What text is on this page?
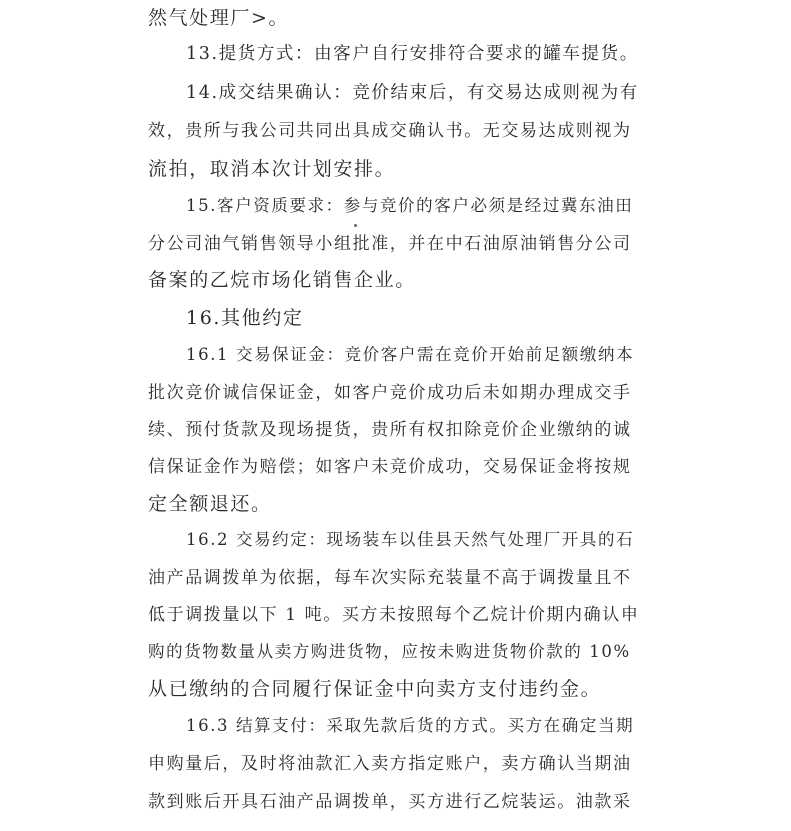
然气处理厂>。
13.提货方式：由客户自行安排符合要求的罐车提货。
14.成交结果确认：竞价结束后，有交易达成则视为有
效，贵所与我公司共同出具成交确认书。无交易达成则视为
流拍，取消本次计划安排。
15.客户资质要求：参与竞价的客户必须是经过冀东油田
分公司油气销售领导小组批准，并在中石油原油销售分公司
备案的乙烷市场化销售企业。
16.其他约定
16.1 交易保证金：竞价客户需在竞价开始前足额缴纳本
批次竞价诚信保证金，如客户竞价成功后未如期办理成交手
续、预付货款及现场提货，贵所有权扣除竞价企业缴纳的诚
信保证金作为赔偿；如客户未竞价成功，交易保证金将按规
定全额退还。
16.2 交易约定：现场装车以佳县天然气处理厂开具的石
油产品调拨单为依据，每车次实际充装量不高于调拨量且不
低于调拨量以下 1 吨。买方未按照每个乙烷计价期内确认申
购的货物数量从卖方购进货物，应按未购进货物价款的 10%
从已缴纳的合同履行保证金中向卖方支付违约金。
16.3 结算支付：采取先款后货的方式。买方在确定当期
申购量后，及时将油款汇入卖方指定账户，卖方确认当期油
款到账后开具石油产品调拨单，买方进行乙烷装运。油款采
